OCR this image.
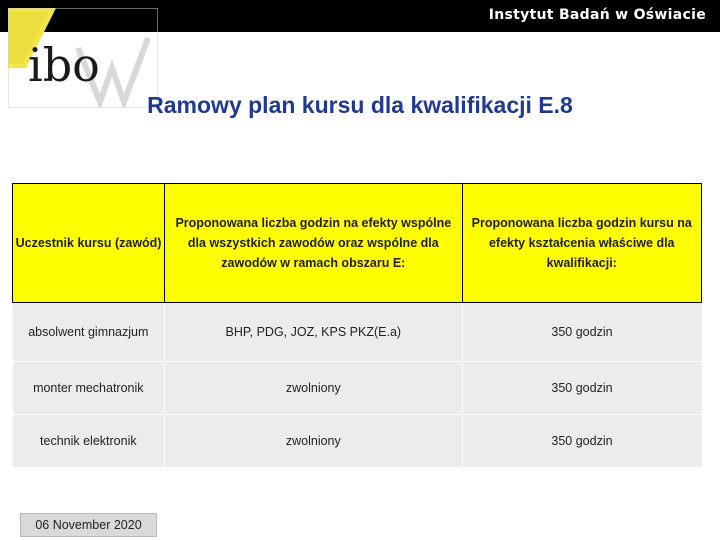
Instytut Badań w Oświacie
ibo
Ramowy plan kursu dla kwalifikacji E.8
Uczestnik kursu (zawód)	Proponowana liczba godzin na efekty wspólne dla wszystkich zawodów oraz wspólne dla zawodów w ramach obszaru E:	Proponowana liczba godzin kursu na efekty kształcenia właściwe dla kwalifikacji:
absolwent gimnazjum	BHP, PDG, JOZ, KPS PKZ(E.a)	350 godzin
monter mechatronik	zwolniony	350 godzin
technik elektronik	zwolniony	350 godzin
06 November 2020
